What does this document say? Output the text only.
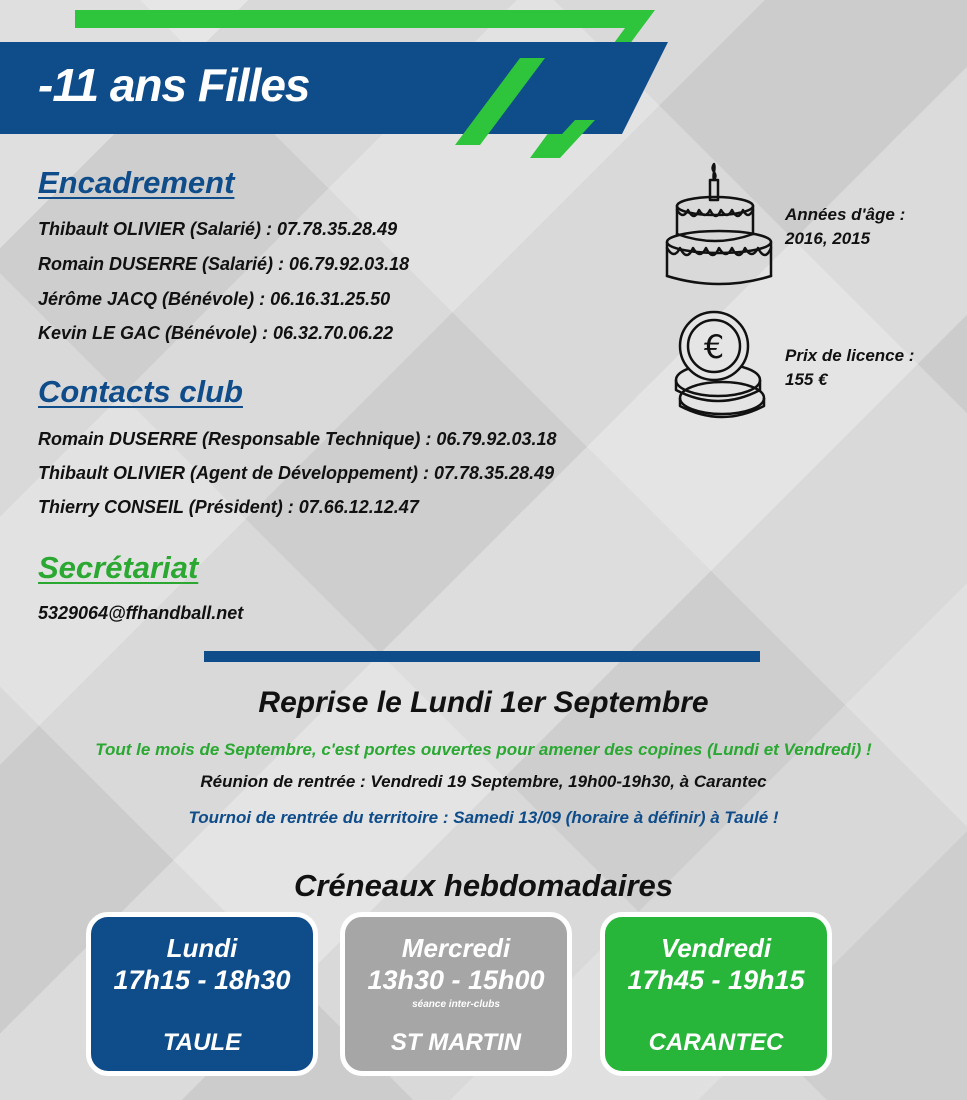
-11 ans Filles
Encadrement
Thibault OLIVIER (Salarié) : 07.78.35.28.49
Romain DUSERRE (Salarié) : 06.79.92.03.18
Jérôme JACQ (Bénévole) : 06.16.31.25.50
Kevin LE GAC (Bénévole) : 06.32.70.06.22
Contacts club
Romain DUSERRE (Responsable Technique) : 06.79.92.03.18
Thibault OLIVIER (Agent de Développement) : 07.78.35.28.49
Thierry CONSEIL (Président) : 07.66.12.12.47
Secrétariat
5329064@ffhandball.net
Années d'âge :
2016, 2015
€	Prix de licence :
155 €
Reprise le Lundi 1er Septembre
Tout le mois de Septembre, c'est portes ouvertes pour amener des copines (Lundi et Vendredi) !
Réunion de rentrée : Vendredi 19 Septembre, 19h00-19h30, à Carantec
Tournoi de rentrée du territoire : Samedi 13/09 (horaire à définir) à Taulé !
Créneaux hebdomadaires
Lundi
17h15 - 18h30
TAULE
Mercredi
13h30 - 15h00
séance inter-clubs
ST MARTIN
Vendredi
17h45 - 19h15
CARANTEC
